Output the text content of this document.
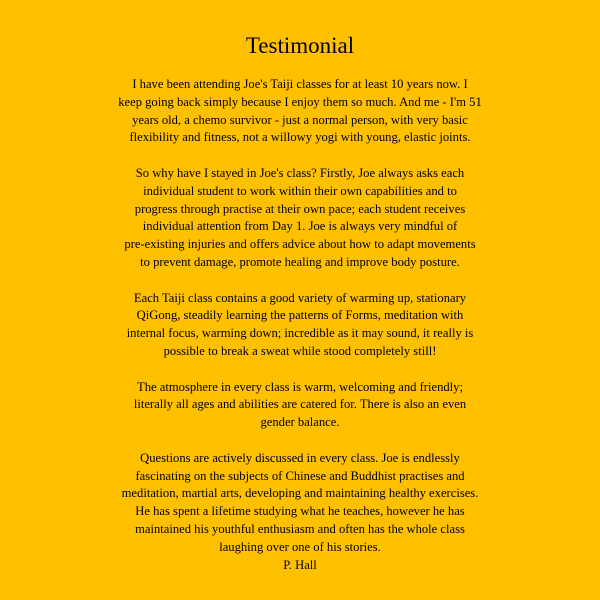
Testimonial

I have been attending Joe's Taiji classes for at least 10 years now. I
keep going back simply because I enjoy them so much. And me - I'm 51
years old, a chemo survivor - just a normal person, with very basic
flexibility and fitness, not a willowy yogi with young, elastic joints.

So why have I stayed in Joe's class? Firstly, Joe always asks each
individual student to work within their own capabilities and to
progress through practise at their own pace; each student receives
individual attention from Day 1. Joe is always very mindful of
pre-existing injuries and offers advice about how to adapt movements
to prevent damage, promote healing and improve body posture.

Each Taiji class contains a good variety of warming up, stationary
QiGong, steadily learning the patterns of Forms, meditation with
internal focus, warming down; incredible as it may sound, it really is
possible to break a sweat while stood completely still!

The atmosphere in every class is warm, welcoming and friendly;
literally all ages and abilities are catered for. There is also an even
gender balance.

Questions are actively discussed in every class. Joe is endlessly
fascinating on the subjects of Chinese and Buddhist practises and
meditation, martial arts, developing and maintaining healthy exercises.
He has spent a lifetime studying what he teaches, however he has
maintained his youthful enthusiasm and often has the whole class
laughing over one of his stories.

P. Hall
